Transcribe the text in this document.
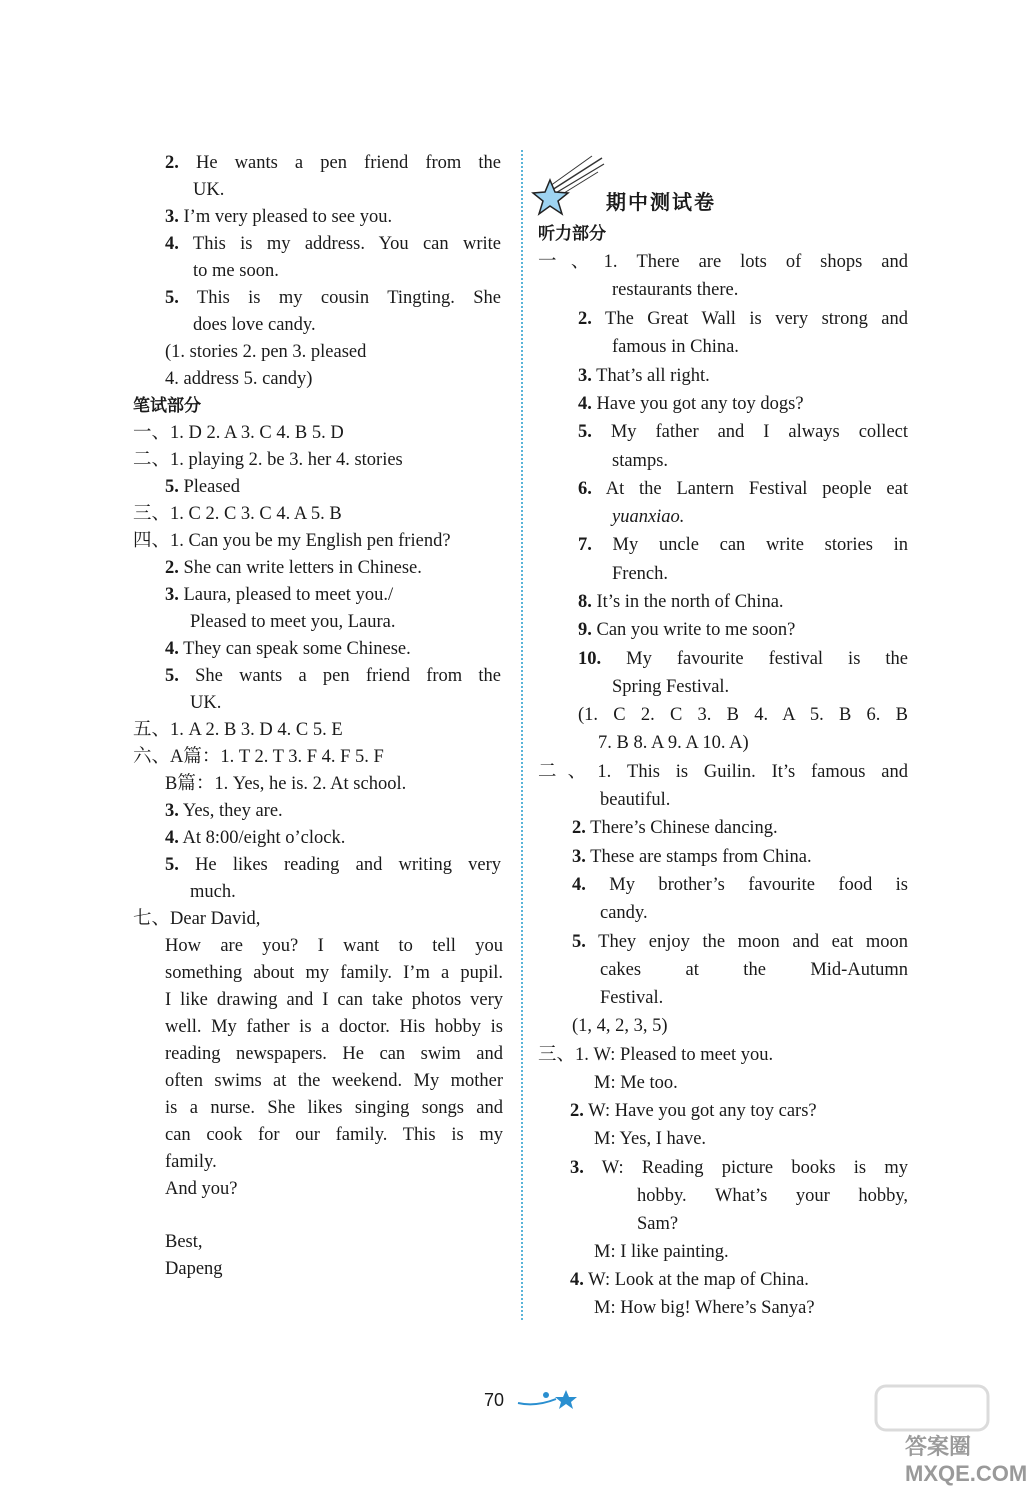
2. He wants a pen friend from the
UK.
3. I’m very pleased to see you.
4. This is my address. You can write
to me soon.
5. This is my cousin Tingting. She
does love candy.
(1. stories 2. pen 3. pleased
4. address 5. candy)
笔试部分
一、1. D 2. A 3. C 4. B 5. D
二、1. playing 2. be 3. her 4. stories
5. Pleased
三、1. C 2. C 3. C 4. A 5. B
四、1. Can you be my English pen friend?
2. She can write letters in Chinese.
3. Laura, pleased to meet you./
Pleased to meet you, Laura.
4. They can speak some Chinese.
5. She wants a pen friend from the
UK.
五、1. A 2. B 3. D 4. C 5. E
六、A篇：1. T 2. T 3. F 4. F 5. F
B篇：1. Yes, he is. 2. At school.
3. Yes, they are.
4. At 8:00/eight o’clock.
5. He likes reading and writing very
much.
七、Dear David,
How are you? I want to tell you
something about my family. I’m a pupil.
I like drawing and I can take photos very
well. My father is a doctor. His hobby is
reading newspapers. He can swim and
often swims at the weekend. My mother
is a nurse. She likes singing songs and
can cook for our family. This is my
family.
And you?
Best,
Dapeng
听力部分
一、1. There are lots of shops and
restaurants there.
2. The Great Wall is very strong and
famous in China.
3. That’s all right.
4. Have you got any toy dogs?
5. My father and I always collect
stamps.
6. At the Lantern Festival people eat
yuanxiao.
7. My uncle can write stories in
French.
8. It’s in the north of China.
9. Can you write to me soon?
10. My favourite festival is the
Spring Festival.
(1. C 2. C 3. B 4. A 5. B 6. B
7. B 8. A 9. A 10. A)
二、1. This is Guilin. It’s famous and
beautiful.
2. There’s Chinese dancing.
3. These are stamps from China.
4. My brother’s favourite food is
candy.
5. They enjoy the moon and eat moon
cakes at the Mid-Autumn
Festival.
(1, 4, 2, 3, 5)
三、1. W: Pleased to meet you.
M: Me too.
2. W: Have you got any toy cars?
M: Yes, I have.
3. W: Reading picture books is my
hobby. What’s your hobby,
Sam?
M: I like painting.
4. W: Look at the map of China.
M: How big! Where’s Sanya?
期中测试卷
70
答案圈 MXQE.COM
